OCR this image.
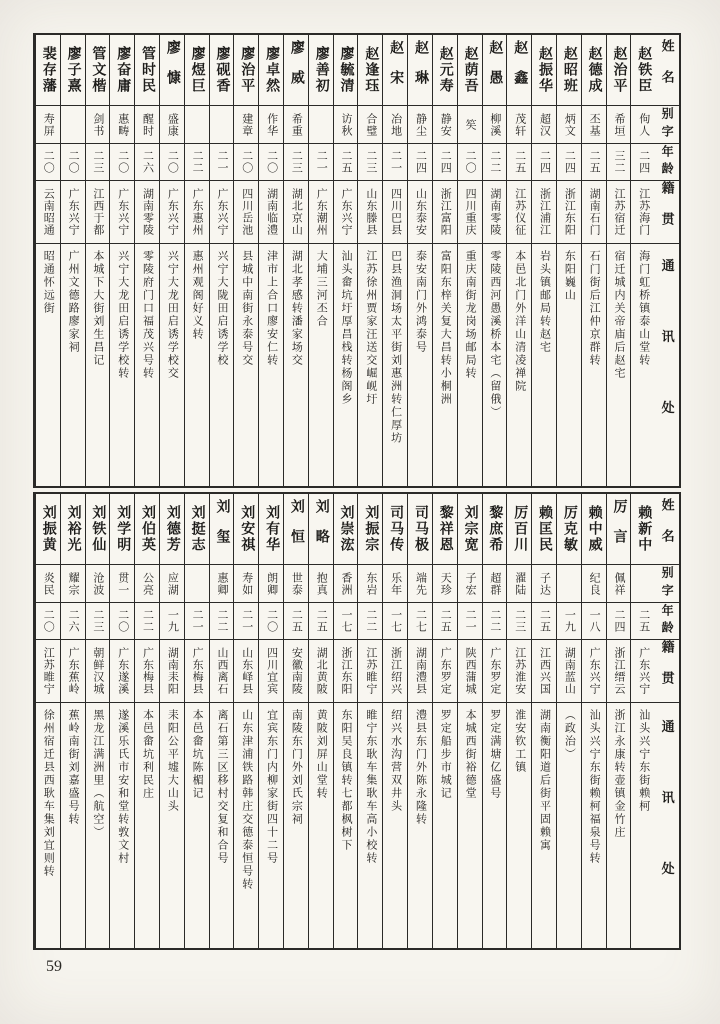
姓名
别字
年龄
籍贯
通讯处
赵铁臣
佝人
二四
江苏海门
海门虹桥镇泰山堂转
赵治平
希垣
三二
江苏宿迁
宿迁城内关帝庙后赵宅
赵德成
丕基
二五
湖南石门
石门街后江仲京群转
赵昭班
炳文
二四
浙江东阳
东阳巍山
赵振华
超汉
二四
浙江浦江
岩头镇邮局转赵宅
赵鑫
茂轩
二五
江苏仪征
本邑北门外洋山清凌禅院
赵愚
柳溪
二二
湖南零陵
零陵西河愚溪桥本宅（留俄）
赵荫吾
笶
二〇
四川重庆
重庆南街龙岗场邮局转
赵元寿
静安
二四
浙江富阳
富阳东梓关复大昌转小桐洲
赵琳
静尘
二四
山东泰安
泰安南门外鸿泰号
赵宋
冶地
二一
四川巴县
巴县渔洞场太平街刘惠洲转仁厚坊
赵逢珏
合璧
二三
山东滕县
江苏徐州贾家汪送交崛岘圩
廖毓清
访秋
二五
广东兴宁
汕头畲坑圩厚昌栈转杨阁乡
廖善初
二一
广东潮州
大埔三河丕合
廖威
希重
二三
湖北京山
湖北孝感转潘家场交
廖卓然
作华
二〇
湖南临澧
津市上合口廖安仁转
廖治平
建章
二〇
四川岳池
县城中南街永泰号交
廖砚香
二一
广东兴宁
兴宁大陇田启诱学校
廖煜巨
二二
广东惠州
惠州观阁好义转
廖慷
盛康
二〇
广东兴宁
兴宁大龙田启诱学校交
管时民
醒时
二六
湖南零陵
零陵府门口福茂兴号转
廖奋庸
惠畴
二〇
广东兴宁
兴宁大龙田启诱学校转
管文楷
剑书
二三
江西于都
本城下大街刘生昌记
廖子熹
二〇
广东兴宁
广州文德路廖家祠
裴存藩
寿屏
二〇
云南昭通
昭通怀远街
姓名
别字
年龄
籍贯
通讯处
赖新中
二五
广东兴宁
汕头兴宁东街赖柯
厉言
佩祥
二四
浙江缙云
浙江永康转壶镇金竹庄
赖中威
纪良
一八
广东兴宁
汕头兴宁东街赖柯福泉号转
厉克敏
一九
湖南蓝山
（政治）
赖匡民
子达
二五
江西兴国
湖南衡阳道后街平固赖寓
厉百川
濯陆
二三
江苏淮安
淮安钦工镇
黎庶希
超群
二二
广东罗定
罗定满塘亿盛号
刘宗宽
子宏
二一
陕西蒲城
本城西街裕德堂
黎祥恩
天珍
二五
广东罗定
罗定船步市城记
司马极
端先
二七
湖南澧县
澧县东门外陈永隆转
司马传
乐年
一七
浙江绍兴
绍兴水沟营双井头
刘振宗
东岩
二二
江苏睢宁
睢宁东耿车集耿车高小校转
刘崇浤
香洲
一七
浙江东阳
东阳吴良镇转七都枫树下
刘略
抱真
二五
湖北黄陂
黄陂刘屏山堂转
刘恒
世泰
二五
安徽南陵
南陵东门外刘氏宗祠
刘有华
朗卿
二〇
四川宜宾
宜宾东门内柳家街四十二号
刘安祺
寿如
二一
山东峄县
山东津浦铁路韩庄交德泰恒号转
刘玺
惠卿
二二
山西离石
离石第三区移村交复和合号
刘挺志
二一
广东梅县
本邑畲坑陈楣记
刘德芳
应湖
一九
湖南耒阳
耒阳公平墟大山头
刘伯英
公亮
二二
广东梅县
本邑畲坑利民庄
刘学明
贯一
二〇
广东遂溪
遂溪乐氏市安和堂转敦文村
刘铁仙
沧波
二三
朝鲜汉城
黑龙江满洲里（航空）
刘裕光
耀宗
二六
广东蕉岭
蕉岭南街刘嘉盛号转
刘振黄
炎民
二〇
江苏睢宁
徐州宿迁县西耿车集刘宜则转
59
